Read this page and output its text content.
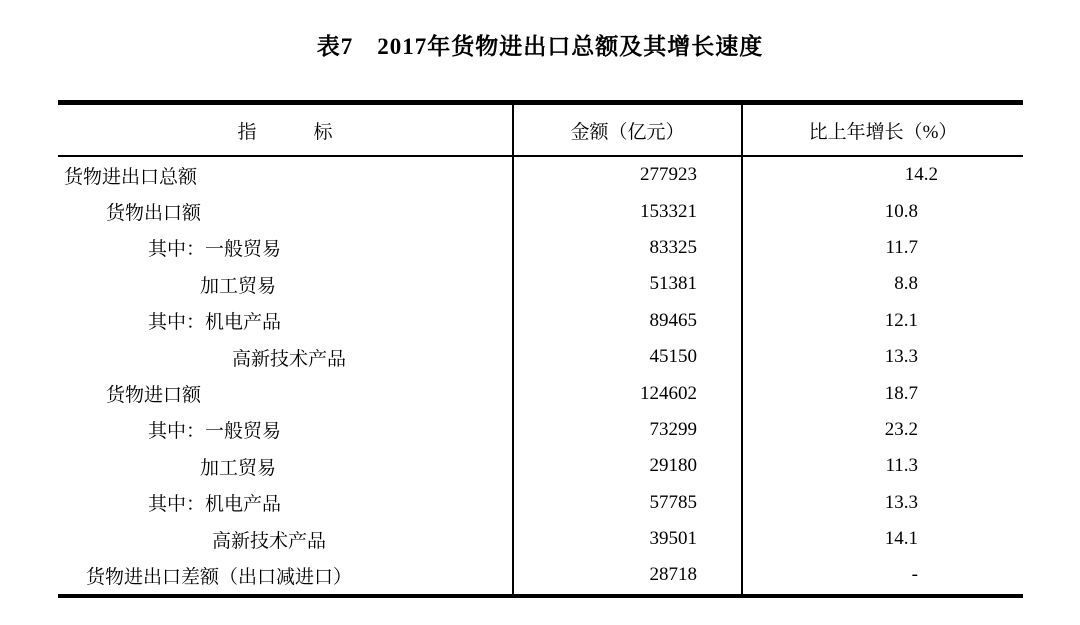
表7　2017年货物进出口总额及其增长速度
指　　　标	金额（亿元）	比上年增长（%）
货物进出口总额	277923	14.2
货物出口额	153321	10.8
其中：一般贸易	83325	11.7
加工贸易	51381	8.8
其中：机电产品	89465	12.1
高新技术产品	45150	13.3
货物进口额	124602	18.7
其中：一般贸易	73299	23.2
加工贸易	29180	11.3
其中：机电产品	57785	13.3
高新技术产品	39501	14.1
货物进出口差额（出口减进口）	28718	-
